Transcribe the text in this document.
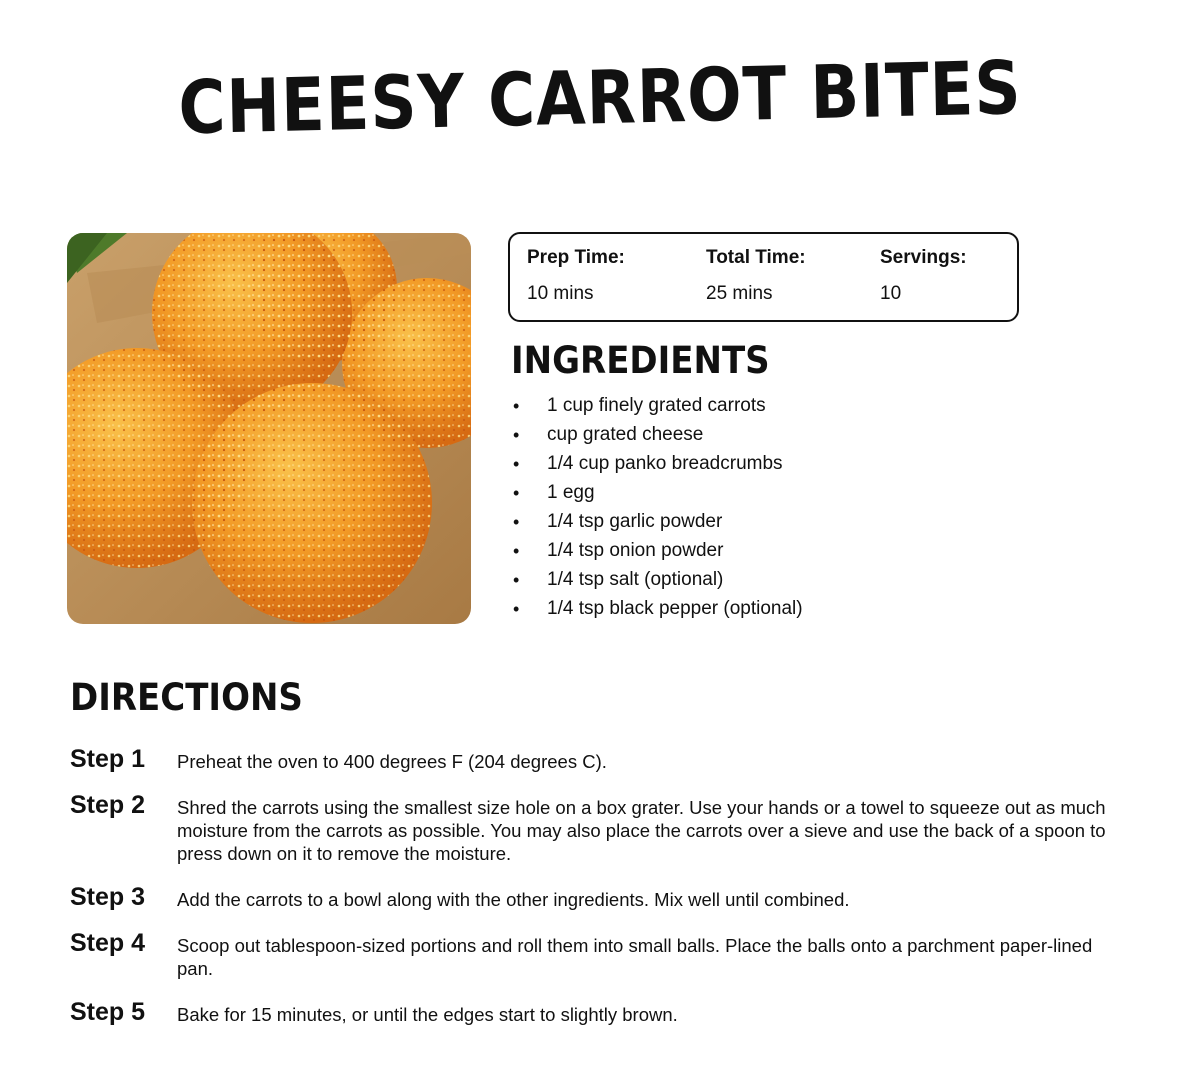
CHEESY CARROT BITES
Prep Time:
10 mins
Total Time:
25 mins
Servings:
10
INGREDIENTS
• 1 cup finely grated carrots
• cup grated cheese
• 1/4 cup panko breadcrumbs
• 1 egg
• 1/4 tsp garlic powder
• 1/4 tsp onion powder
• 1/4 tsp salt (optional)
• 1/4 tsp black pepper (optional)
DIRECTIONS
Step 1 Preheat the oven to 400 degrees F (204 degrees C).
Step 2 Shred the carrots using the smallest size hole on a box grater. Use your hands or a towel to squeeze out as much moisture from the carrots as possible. You may also place the carrots over a sieve and use the back of a spoon to press down on it to remove the moisture.
Step 3 Add the carrots to a bowl along with the other ingredients. Mix well until combined.
Step 4 Scoop out tablespoon-sized portions and roll them into small balls. Place the balls onto a parchment paper-lined pan.
Step 5 Bake for 15 minutes, or until the edges start to slightly brown.
